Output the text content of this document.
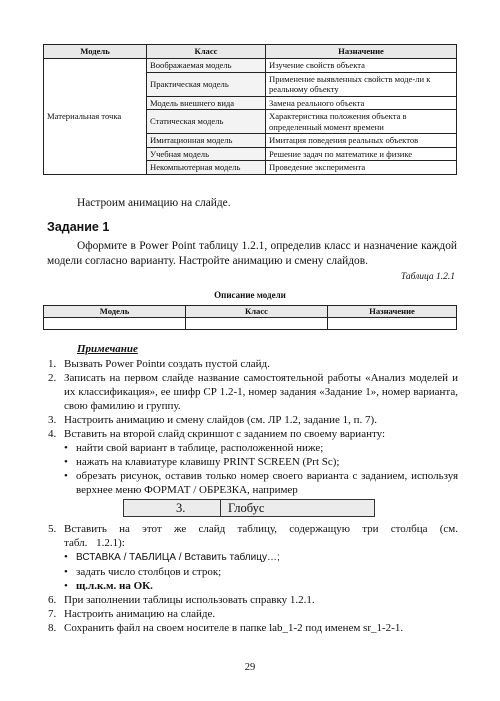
Модель	Класс	Назначение
Материальная точка	Воображаемая модель	Изучение свойств объекта
	Практическая модель	Применение выявленных свойств моде-ли к реальному объекту
	Модель внешнего вида	Замена реального объекта
	Статическая модель	Характеристика положения объекта в определенный момент времени
	Имитационная модель	Имитация поведения реальных объектов
	Учебная модель	Решение задач по математике и физике
	Некомпьютерная модель	Проведение эксперимента
Настроим анимацию на слайде.
Задание 1
Оформите в Power Point таблицу 1.2.1, определив класс и назначение каждой модели согласно варианту. Настройте анимацию и смену слайдов.
Таблица 1.2.1
Описание модели
Модель	Класс	Назначение

Примечание
1. Вызвать Power Pointи создать пустой слайд.
2. Записать на первом слайде название самостоятельной работы «Анализ моделей и их классификация», ее шифр СР 1.2-1, номер задания «Задание 1», номер варианта, свою фамилию и группу.
3. Настроить анимацию и смену слайдов (см. ЛР 1.2, задание 1, п. 7).
4. Вставить на второй слайд скриншот с заданием по своему варианту:
• найти свой вариант в таблице, расположенной ниже;
• нажать на клавиатуре клавишу PRINT SCREEN (Prt Sc);
• обрезать рисунок, оставив только номер своего варианта с заданием, используя верхнее меню ФОРМАТ / ОБРЕЗКА, например
3.	Глобус
5. Вставить на этот же слайд таблицу, содержащую три столбца (см. табл. 1.2.1):
• ВСТАВКА / ТАБЛИЦА / Вставить таблицу…;
• задать число столбцов и строк;
• щ.л.к.м. на ОК.
6. При заполнении таблицы использовать справку 1.2.1.
7. Настроить анимацию на слайде.
8. Сохранить файл на своем носителе в папке lab_1-2 под именем sr_1-2-1.
29
